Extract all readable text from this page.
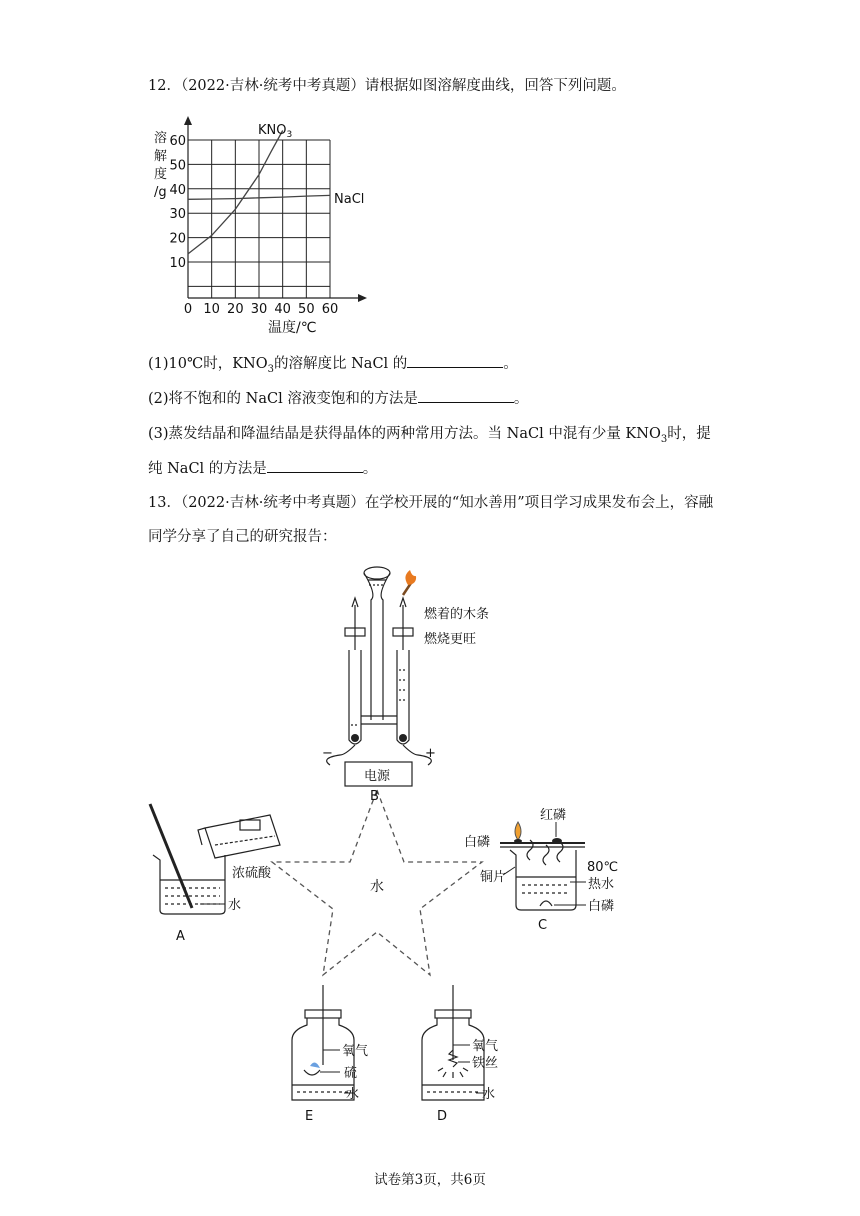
12．（2022·吉林·统考中考真题）请根据如图溶解度曲线，回答下列问题。
0 10 20 30 40 50 60
10
20
30
40
50
60
溶
解
度
/g
温度/℃
$KNO_3$
NaCl
(1)10℃时，$KNO_3$的溶解度比 NaCl 的	。
(2)将不饱和的 NaCl 溶液变饱和的方法是	。
(3)蒸发结晶和降温结晶是获得晶体的两种常用方法。当 NaCl 中混有少量 $KNO_3$时，提
纯 NaCl 的方法是	。
13．（2022·吉林·统考中考真题）在学校开展的“知水善用”项目学习成果发布会上，容融
同学分享了自己的研究报告：
水
燃着的木条
燃烧更旺
−	+
电源
B
浓硫酸
水
A
红磷
白磷
铜片
80℃
热水
白磷
C
氧气
硫
水
E
氧气
铁丝
水
D
试卷第3页，共6页
